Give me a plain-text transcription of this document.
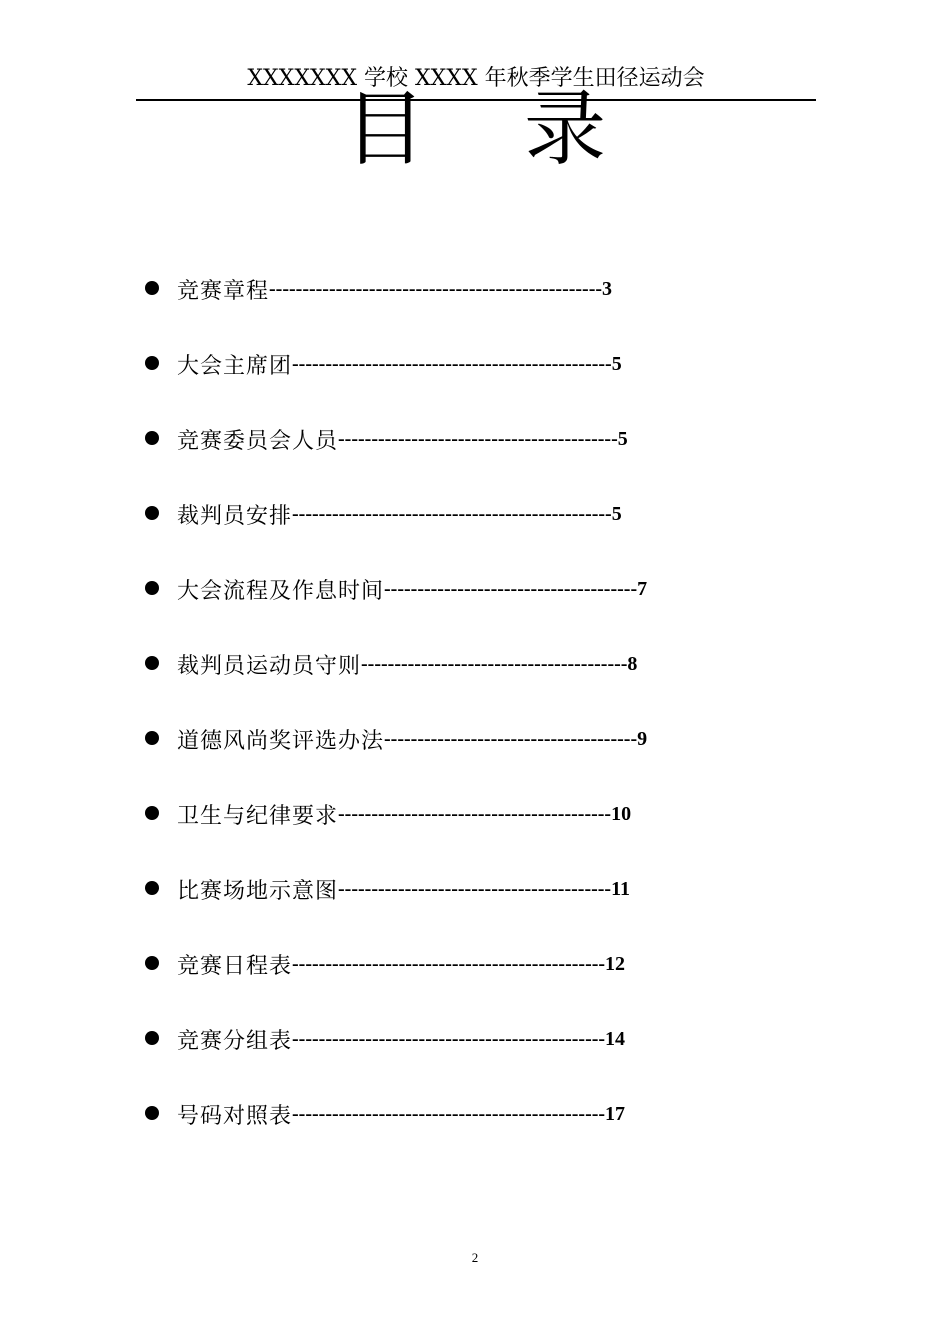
XXXXXXX 学校 XXXX 年秋季学生田径运动会
目 录
竞赛章程 -------------------------------------------------- 3
大会主席团 ------------------------------------------------ 5
竞赛委员会人员 ------------------------------------------ 5
裁判员安排 ------------------------------------------------ 5
大会流程及作息时间 -------------------------------------- 7
裁判员运动员守则 ---------------------------------------- 8
道德风尚奖评选办法 -------------------------------------- 9
卫生与纪律要求 ----------------------------------------- 10
比赛场地示意图 ----------------------------------------- 11
竞赛日程表 ----------------------------------------------- 12
竞赛分组表 ----------------------------------------------- 14
号码对照表 ----------------------------------------------- 17
2
